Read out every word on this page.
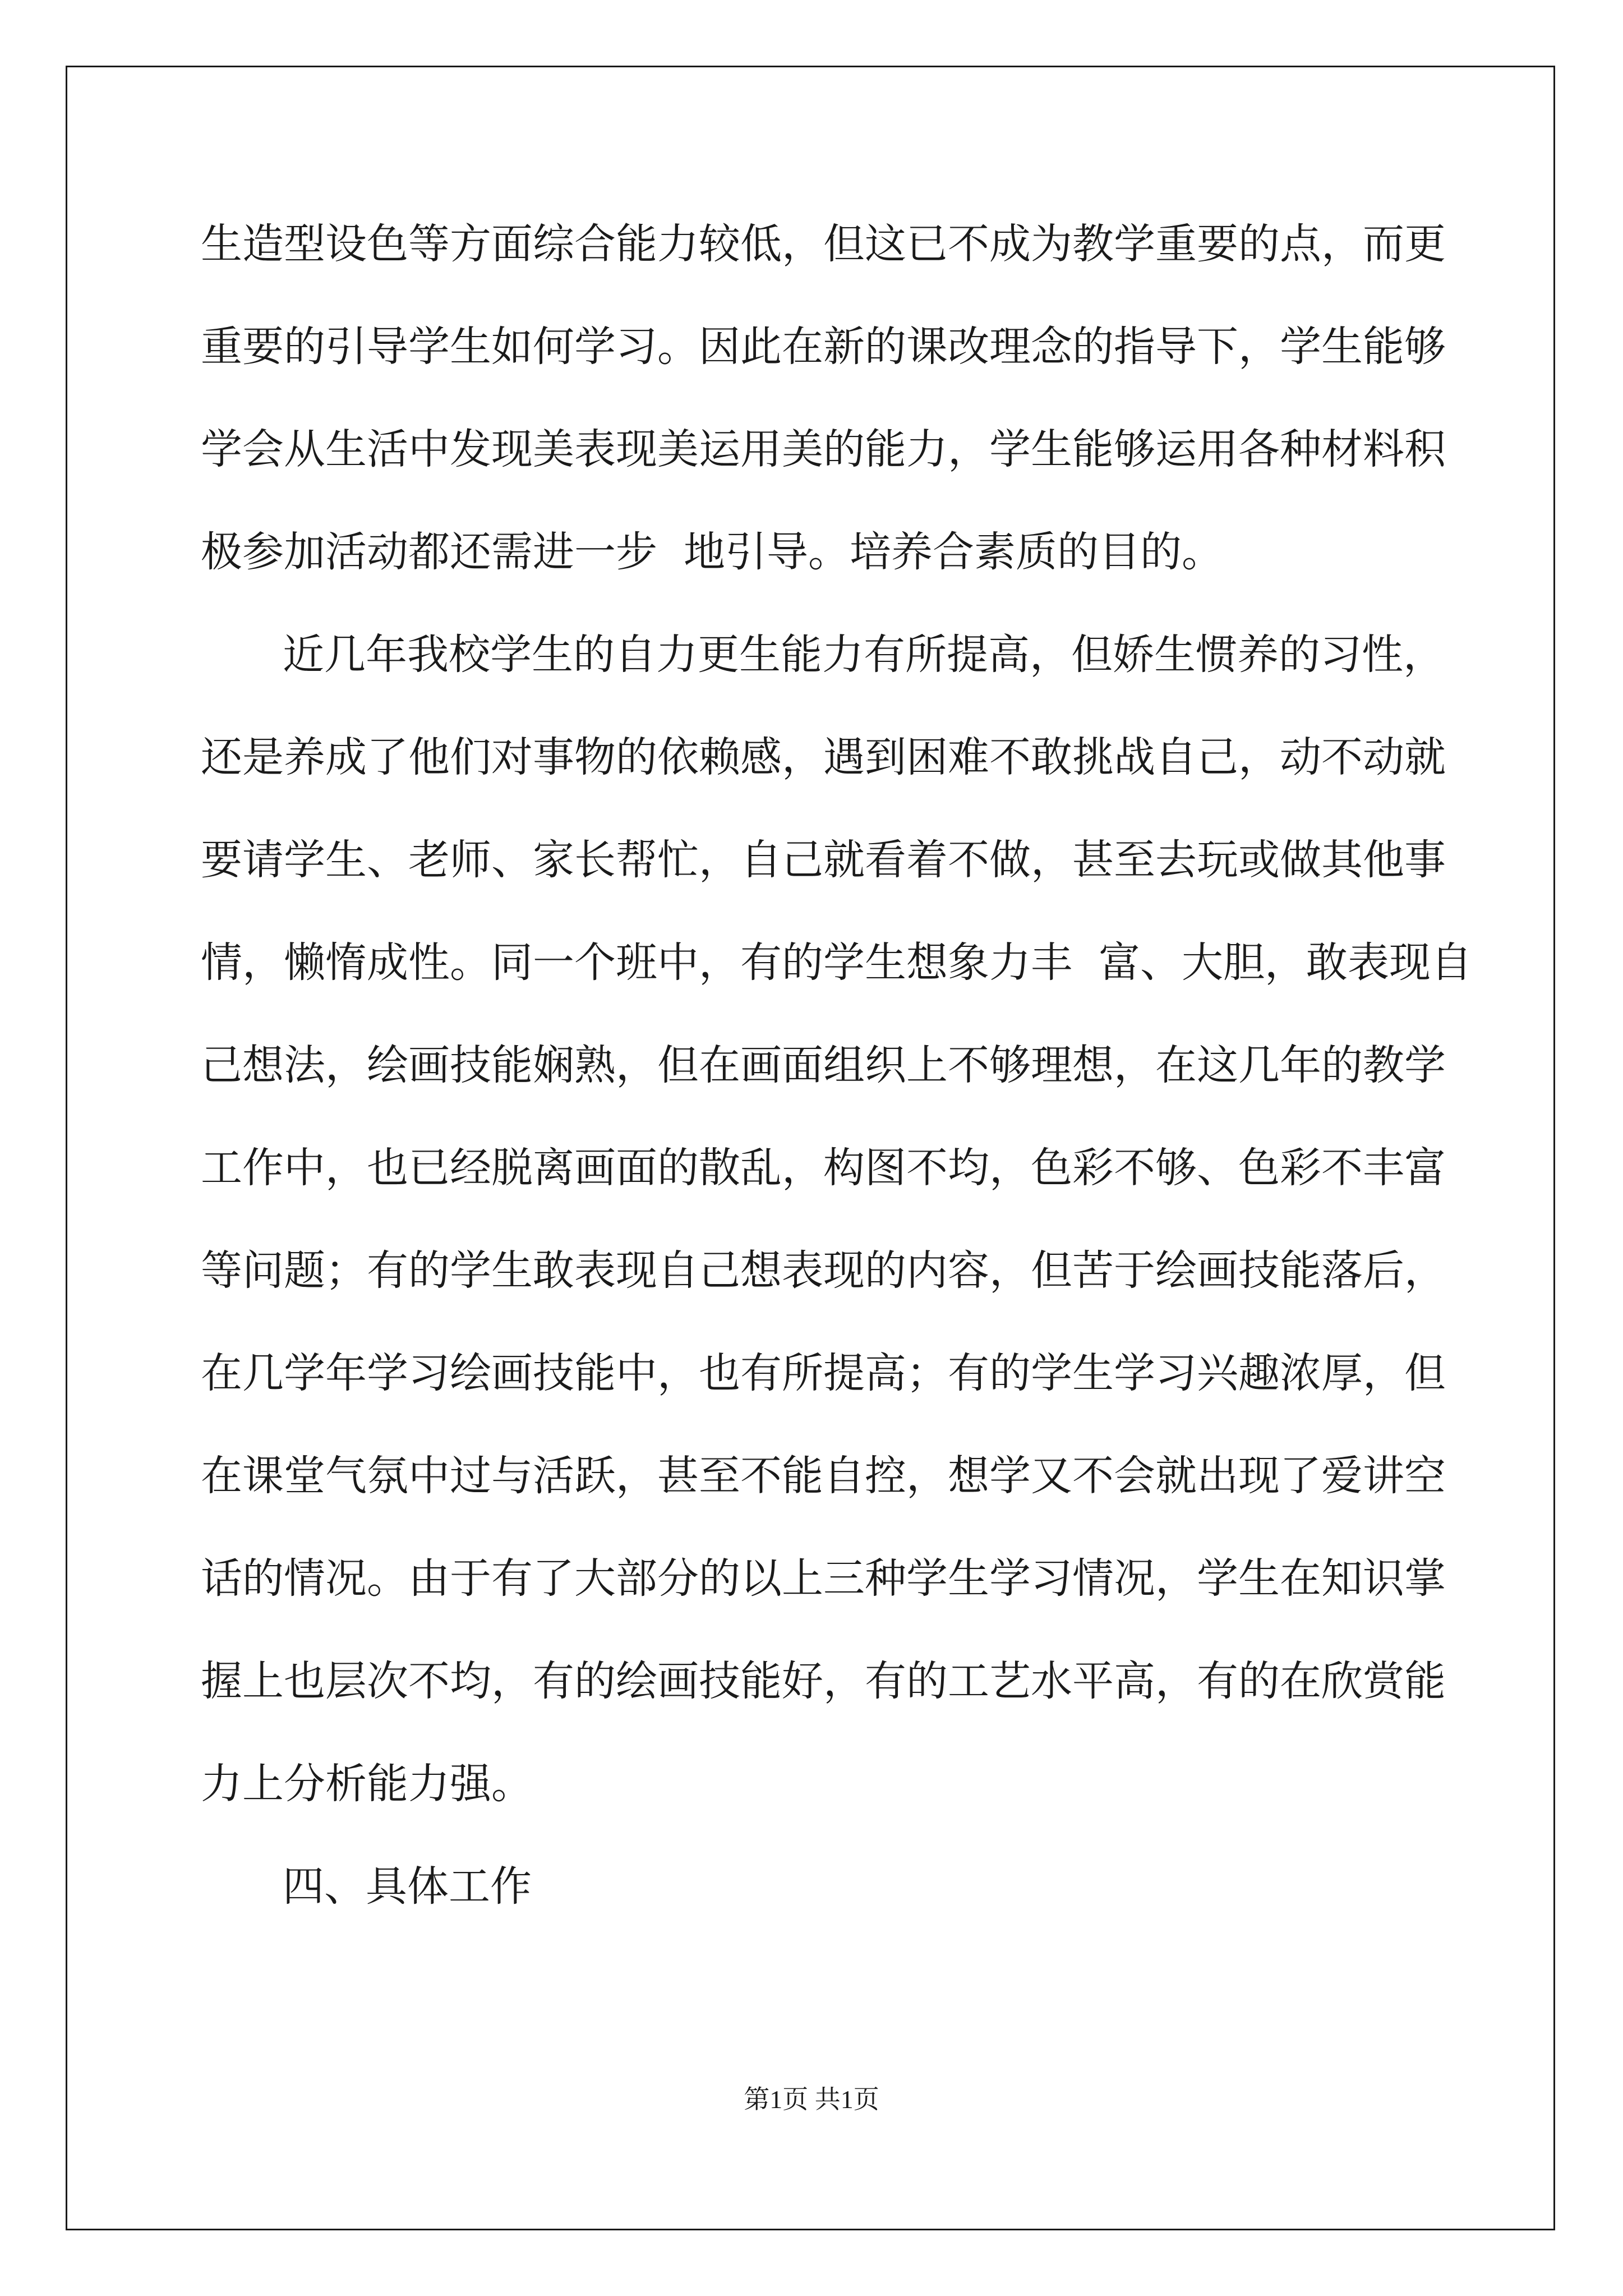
生造型设色等方面综合能力较低，但这已不成为教学重要的点，而更

重要的引导学生如何学习。因此在新的课改理念的指导下，学生能够

学会从生活中发现美表现美运用美的能力，学生能够运用各种材料积

极参加活动都还需进一步  地引导。培养合素质的目的。

近几年我校学生的自力更生能力有所提高，但娇生惯养的习性，

还是养成了他们对事物的依赖感，遇到困难不敢挑战自己，动不动就

要请学生、老师、家长帮忙，自己就看着不做，甚至去玩或做其他事

情，懒惰成性。同一个班中，有的学生想象力丰  富、大胆，敢表现自

己想法，绘画技能娴熟，但在画面组织上不够理想，在这几年的教学

工作中，也已经脱离画面的散乱，构图不均，色彩不够、色彩不丰富

等问题；有的学生敢表现自己想表现的内容，但苦于绘画技能落后，

在几学年学习绘画技能中，也有所提高；有的学生学习兴趣浓厚，但

在课堂气氛中过与活跃，甚至不能自控，想学又不会就出现了爱讲空

话的情况。由于有了大部分的以上三种学生学习情况，学生在知识掌

握上也层次不均，有的绘画技能好，有的工艺水平高，有的在欣赏能

力上分析能力强。

四、具体工作

第1页 共1页
